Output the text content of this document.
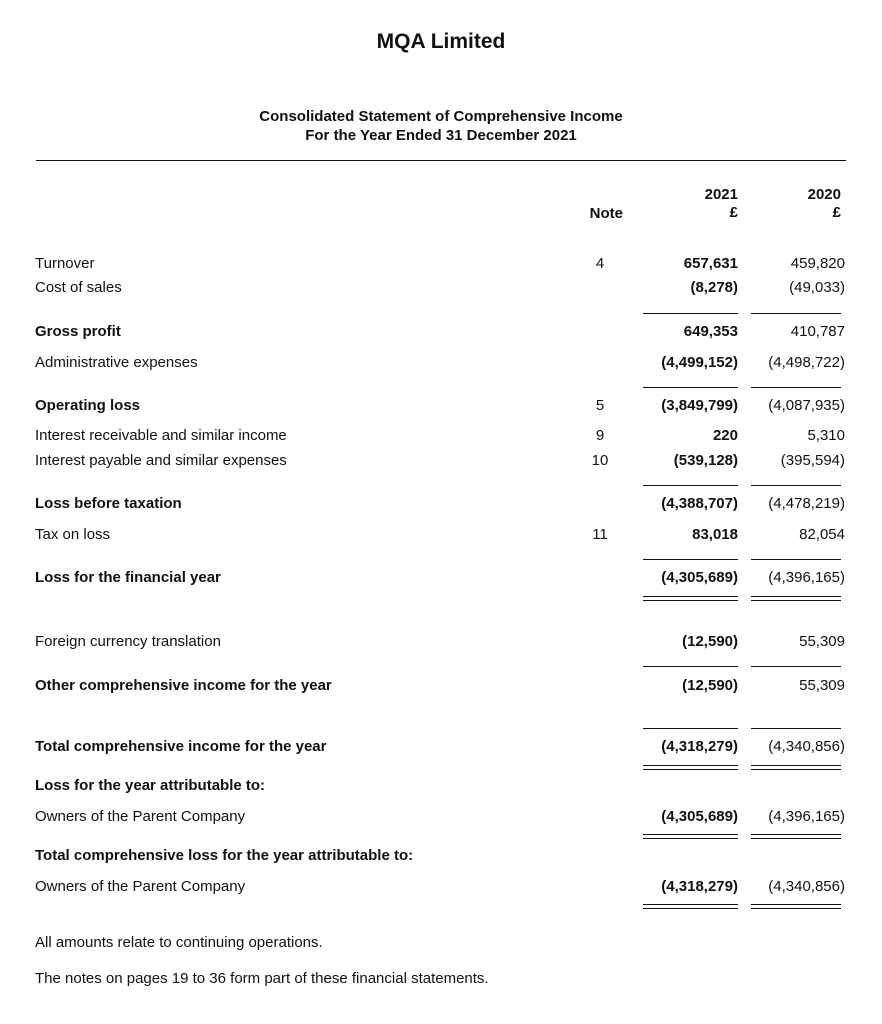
MQA Limited
Consolidated Statement of Comprehensive Income
For the Year Ended 31 December 2021
Note
2021
£
2020
£
Turnover	4	657,631	459,820
Cost of sales	(8,278)	(49,033)
Gross profit	649,353	410,787
Administrative expenses	(4,499,152) (4,498,722)
Operating loss	5	(3,849,799) (4,087,935)
Interest receivable and similar income	9	220	5,310
Interest payable and similar expenses	10	(539,128)	(395,594)
Loss before taxation	(4,388,707) (4,478,219)
Tax on loss	11	83,018	82,054
Loss for the financial year	(4,305,689) (4,396,165)
Foreign currency translation	(12,590)	55,309
Other comprehensive income for the year	(12,590)	55,309
Total comprehensive income for the year	(4,318,279) (4,340,856)
Loss for the year attributable to:
Owners of the Parent Company	(4,305,689) (4,396,165)
Total comprehensive loss for the year attributable to:
Owners of the Parent Company	(4,318,279) (4,340,856)
All amounts relate to continuing operations.
The notes on pages 19 to 36 form part of these financial statements.
